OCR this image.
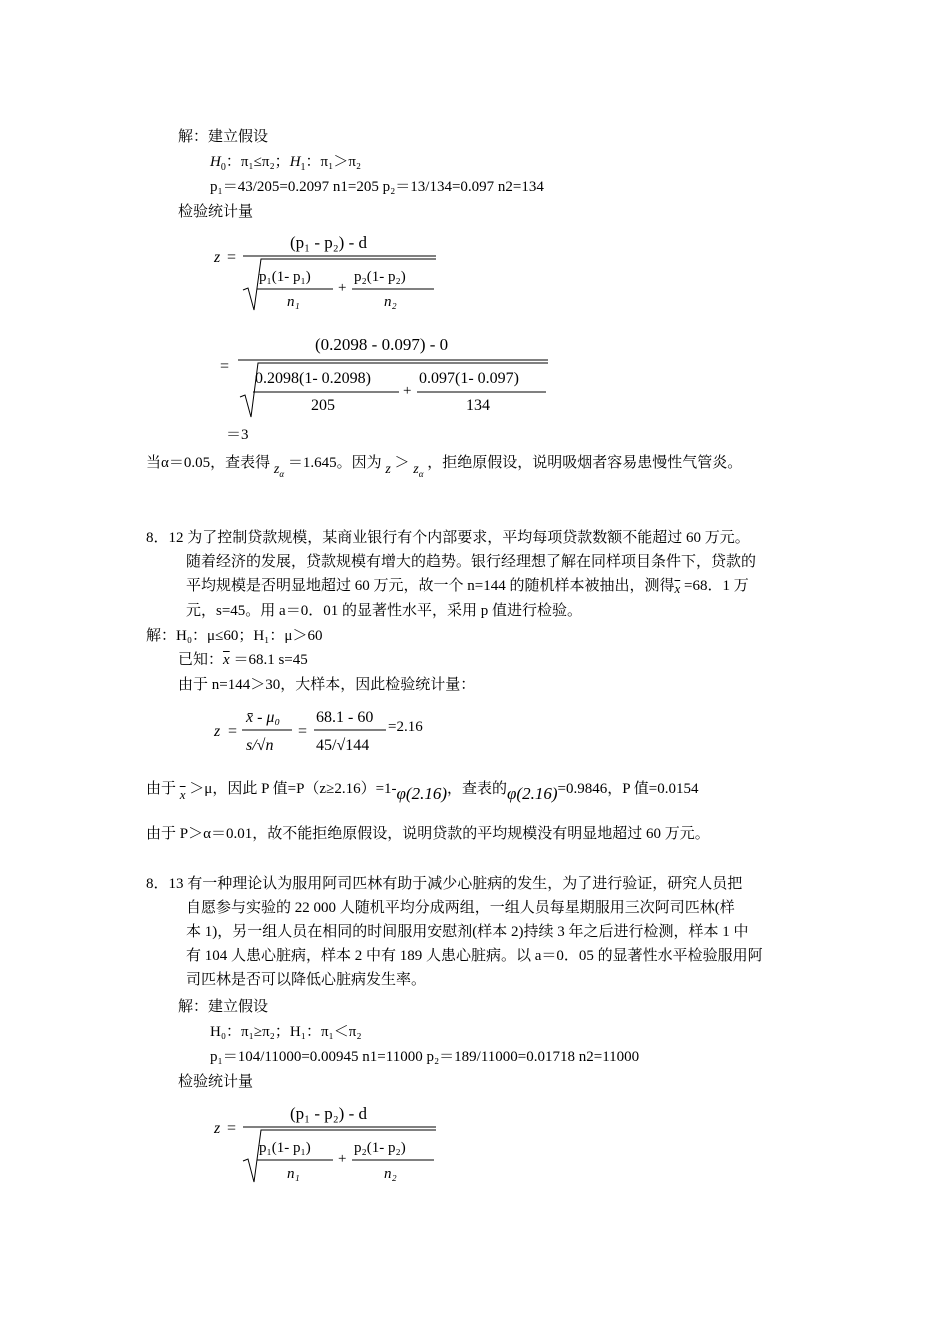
解：建立假设
$H_0$：π₁≤π₂；$H_1$：π₁＞π₂
p₁＝43/205=0.2097 n1=205 p₂＝13/134=0.097 n2=134
检验统计量
z =
(p₁ - p₂) - d
p₁(1- p₁)
n₁
+
p₂(1- p₂)
n₂
=
(0.2098 - 0.097) - 0
0.2098(1- 0.2098)
205
+
0.097(1- 0.097)
134
＝3
当α＝0.05，查表得 $z_\alpha =1.645$。因为 $z > z_\alpha$ ，拒绝原假设，说明吸烟者容易患慢性气管炎。
8．12 为了控制贷款规模，某商业银行有个内部要求，平均每项贷款数额不能超过 60 万元。
随着经济的发展，贷款规模有增大的趋势。银行经理想了解在同样项目条件下，贷款的
平均规模是否明显地超过 60 万元，故一个 n=144 的随机样本被抽出，测得$\overline{x} =68$．1 万
元，s=45。用 a＝0．01 的显著性水平，采用 p 值进行检验。
解：H₀：μ≤60；H₁：μ＞60
已知：$\overline{x} =68.1$ s=45
由于 n=144＞30，大样本，因此检验统计量：
z =
x̄ - μ₀
s/√n
=
68.1 - 60
45/√144
=2.16
由于 $\overline{x} >\mu$，因此 P 值=P（z≥2.16）=1-φ(2.16)，查表的φ(2.16)=0.9846，P 值=0.0154
由于 P＞α＝0.01，故不能拒绝原假设，说明贷款的平均规模没有明显地超过 60 万元。
8．13 有一种理论认为服用阿司匹林有助于减少心脏病的发生，为了进行验证，研究人员把
自愿参与实验的 22 000 人随机平均分成两组，一组人员每星期服用三次阿司匹林(样
本 1)，另一组人员在相同的时间服用安慰剂(样本 2)持续 3 年之后进行检测，样本 1 中
有 104 人患心脏病，样本 2 中有 189 人患心脏病。以 a＝0．05 的显著性水平检验服用阿
司匹林是否可以降低心脏病发生率。
解：建立假设
H₀：π₁≥π₂；H₁：π₁＜π₂
p₁＝104/11000=0.00945 n1=11000 p₂＝189/11000=0.01718 n2=11000
检验统计量
z =
(p₁ - p₂) - d
p₁(1- p₁)
n₁
+
p₂(1- p₂)
n₂
